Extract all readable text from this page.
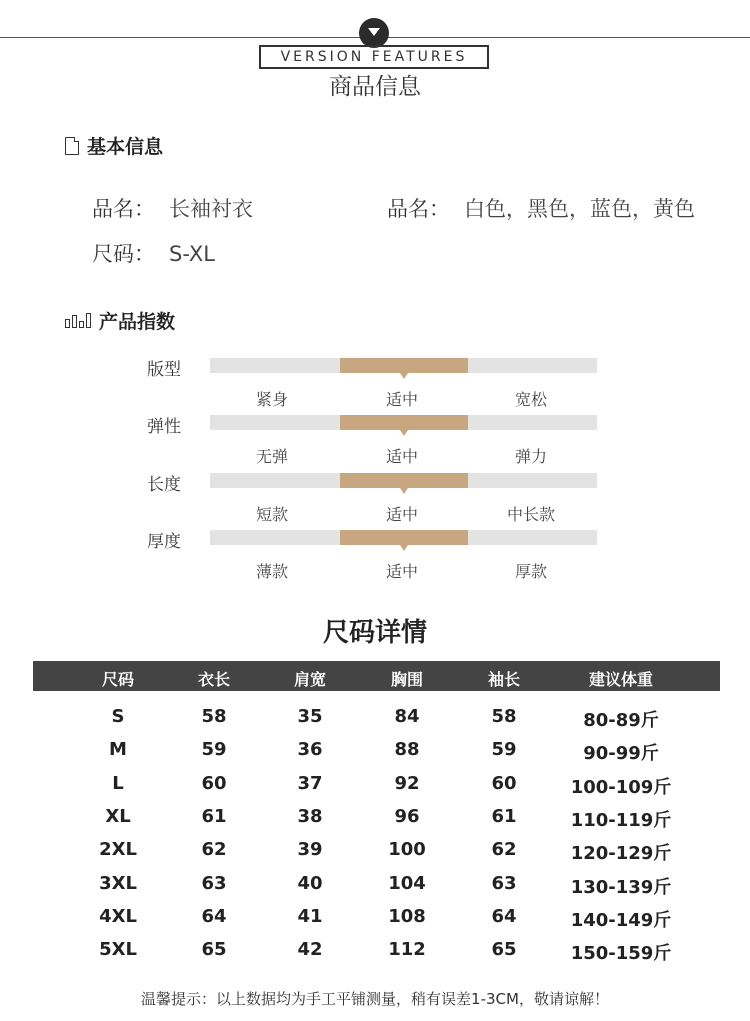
VERSION FEATURES
商品信息
基本信息
品名： 长袖衬衣	品名： 白色，黑色，蓝色，黄色
尺码： S-XL
产品指数
版型
紧身	适中	宽松
弹性
无弹	适中	弹力
长度
短款	适中	中长款
厚度
薄款	适中	厚款
尺码详情
尺码	衣长	肩宽	胸围	袖长	建议体重
S	58	35	84	58	80-89斤
M	59	36	88	59	90-99斤
L	60	37	92	60	100-109斤
XL	61	38	96	61	110-119斤
2XL	62	39	100	62	120-129斤
3XL	63	40	104	63	130-139斤
4XL	64	41	108	64	140-149斤
5XL	65	42	112	65	150-159斤
温馨提示：以上数据均为手工平铺测量，稍有误差1-3CM，敬请谅解！
